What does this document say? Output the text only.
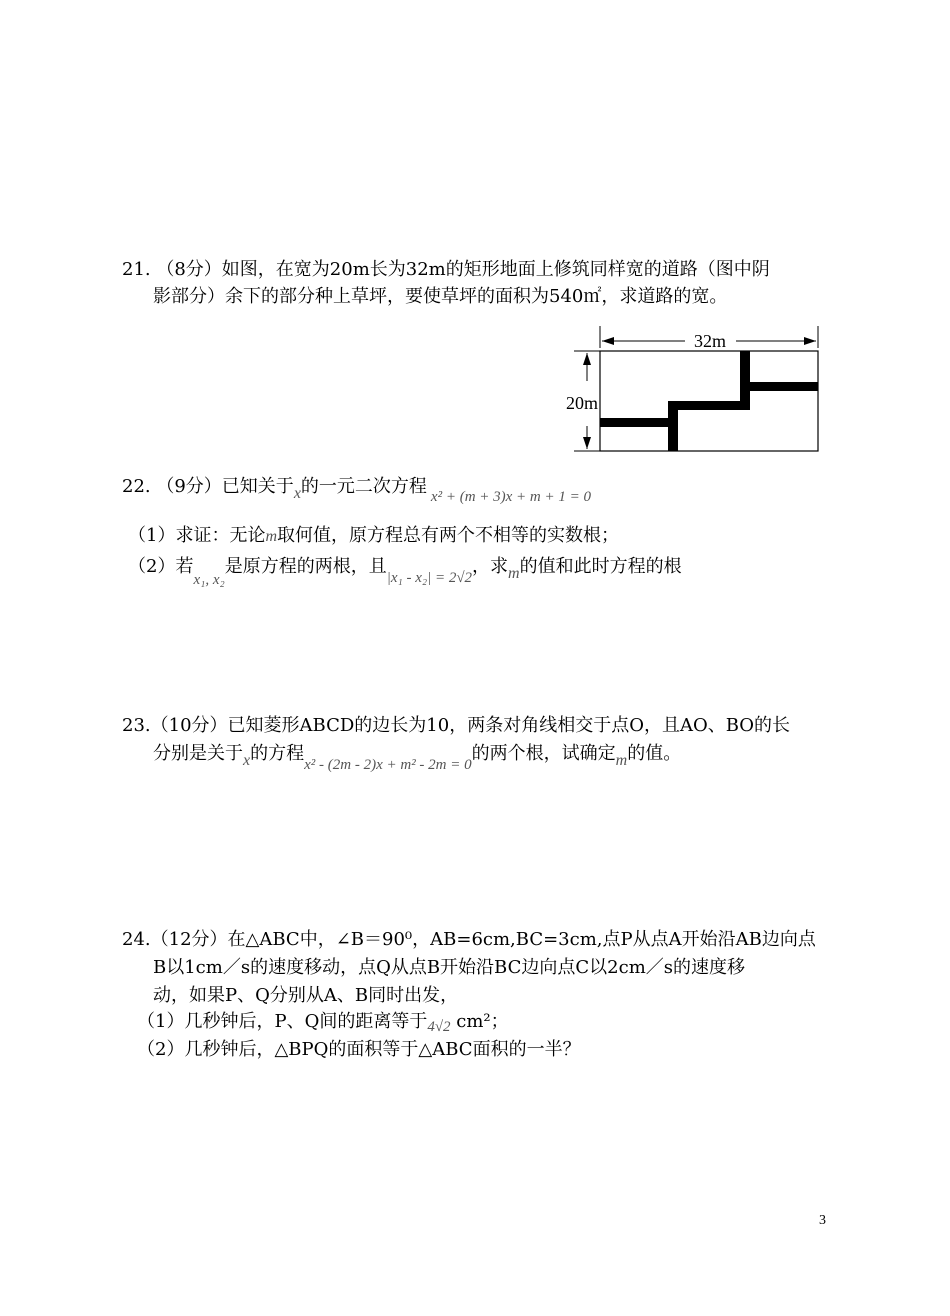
21. （8分）如图，在宽为20m长为32m的矩形地面上修筑同样宽的道路（图中阴
影部分）余下的部分种上草坪，要使草坪的面积为540㎡，求道路的宽。
32m
20m
22. （9分）已知关于x的一元二次方程 $_{x^2 + (m + 3)x + m + 1 = 0}$
（1）求证：无论m取何值，原方程总有两个不相等的实数根；
（2）若$_{x_1, x_2}$是原方程的两根，且$_{|x_1 - x_2| = 2√2}$，求m的值和此时方程的根
23.（10分）已知菱形ABCD的边长为10，两条对角线相交于点O，且AO、BO的长
分别是关于x的方程$_{x^2 - (2m - 2)x + m^2 - 2m = 0}$的两个根，试确定m的值。
24.（12分）在△ABC中，∠B＝90⁰，AB=6cm,BC=3cm,点P从点A开始沿AB边向点
B以1cm／s的速度移动，点Q从点B开始沿BC边向点C以2cm／s的速度移
动，如果P、Q分别从A、B同时出发，
（1）几秒钟后，P、Q间的距离等于$_{4√2}$ cm²；
（2）几秒钟后，△BPQ的面积等于△ABC面积的一半？
3
